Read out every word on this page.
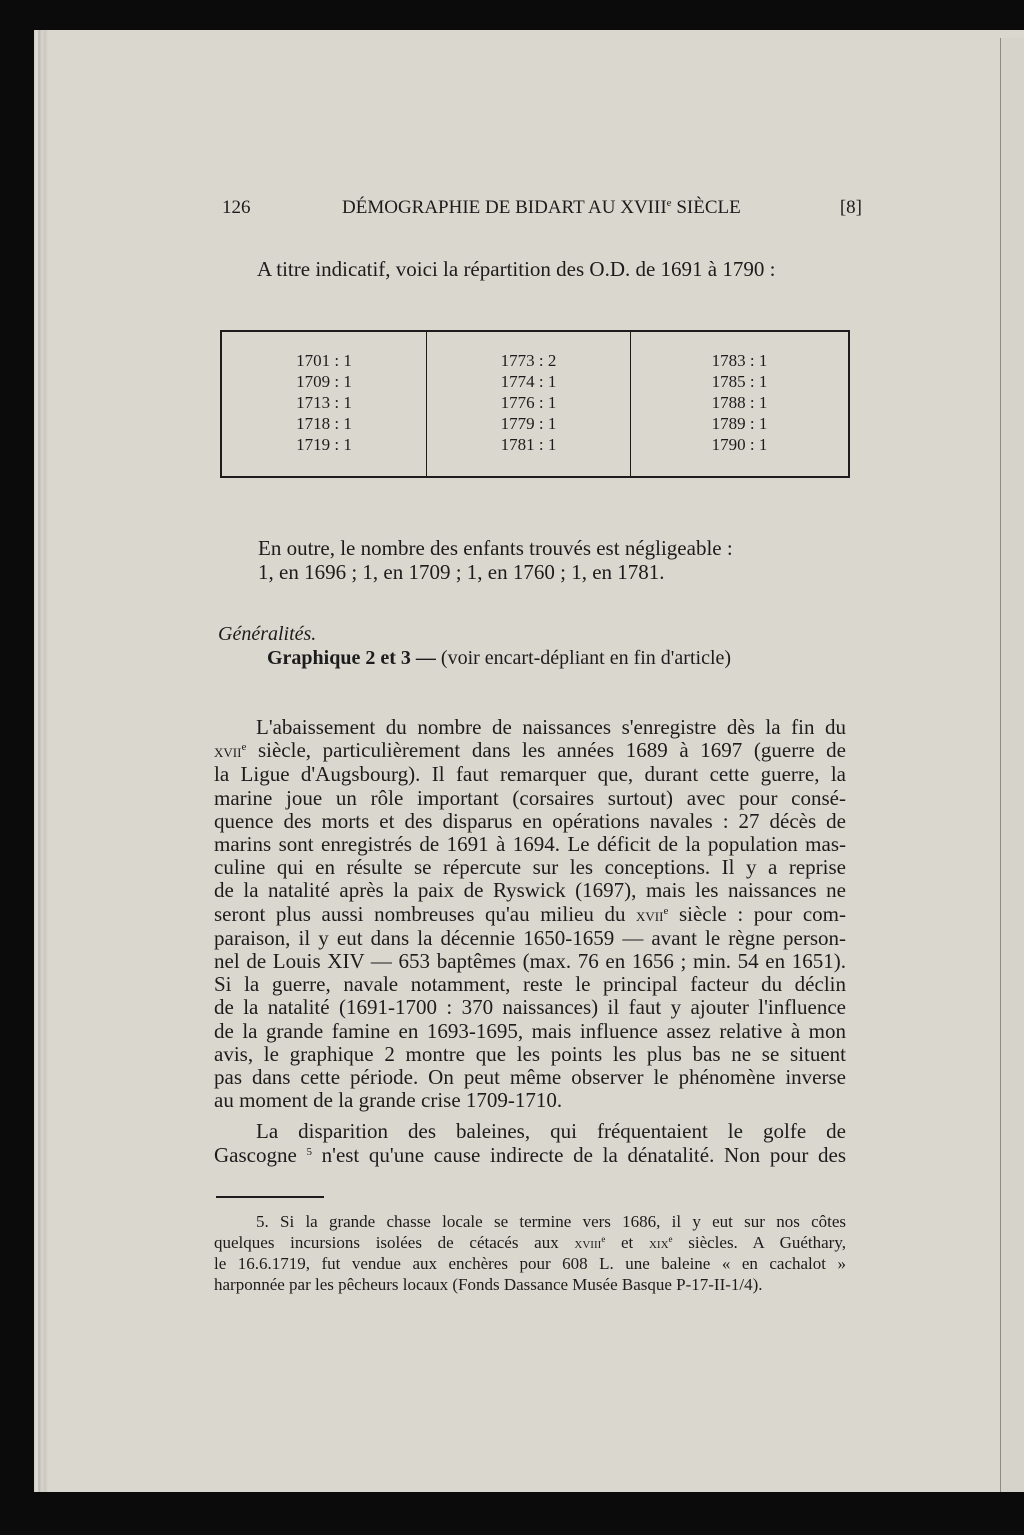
126	DÉMOGRAPHIE DE BIDART AU XVIIIe SIÈCLE	[8]
A titre indicatif, voici la répartition des O.D. de 1691 à 1790 :
1701 : 1
1709 : 1
1713 : 1
1718 : 1
1719 : 1
1773 : 2
1774 : 1
1776 : 1
1779 : 1
1781 : 1
1783 : 1
1785 : 1
1788 : 1
1789 : 1
1790 : 1
En outre, le nombre des enfants trouvés est négligeable :
1, en 1696 ; 1, en 1709 ; 1, en 1760 ; 1, en 1781.
Généralités.
Graphique 2 et 3 — (voir encart-dépliant en fin d'article)
L'abaissement du nombre de naissances s'enregistre dès la fin du
xvii$^e$ siècle, particulièrement dans les années 1689 à 1697 (guerre de
la Ligue d'Augsbourg). Il faut remarquer que, durant cette guerre, la
marine joue un rôle important (corsaires surtout) avec pour consé-
quence des morts et des disparus en opérations navales : 27 décès de
marins sont enregistrés de 1691 à 1694. Le déficit de la population mas-
culine qui en résulte se répercute sur les conceptions. Il y a reprise
de la natalité après la paix de Ryswick (1697), mais les naissances ne
seront plus aussi nombreuses qu'au milieu du xvii$^e$ siècle : pour com-
paraison, il y eut dans la décennie 1650-1659 — avant le règne person-
nel de Louis XIV — 653 baptêmes (max. 76 en 1656 ; min. 54 en 1651).
Si la guerre, navale notamment, reste le principal facteur du déclin
de la natalité (1691-1700 : 370 naissances) il faut y ajouter l'influence
de la grande famine en 1693-1695, mais influence assez relative à mon
avis, le graphique 2 montre que les points les plus bas ne se situent
pas dans cette période. On peut même observer le phénomène inverse
au moment de la grande crise 1709-1710.
La disparition des baleines, qui fréquentaient le golfe de
Gascogne $^5$ n'est qu'une cause indirecte de la dénatalité. Non pour des
5. Si la grande chasse locale se termine vers 1686, il y eut sur nos côtes
quelques incursions isolées de cétacés aux xviii$^e$ et xix$^e$ siècles. A Guéthary,
le 16.6.1719, fut vendue aux enchères pour 608 L. une baleine « en cachalot »
harponnée par les pêcheurs locaux (Fonds Dassance Musée Basque P-17-II-1/4).
